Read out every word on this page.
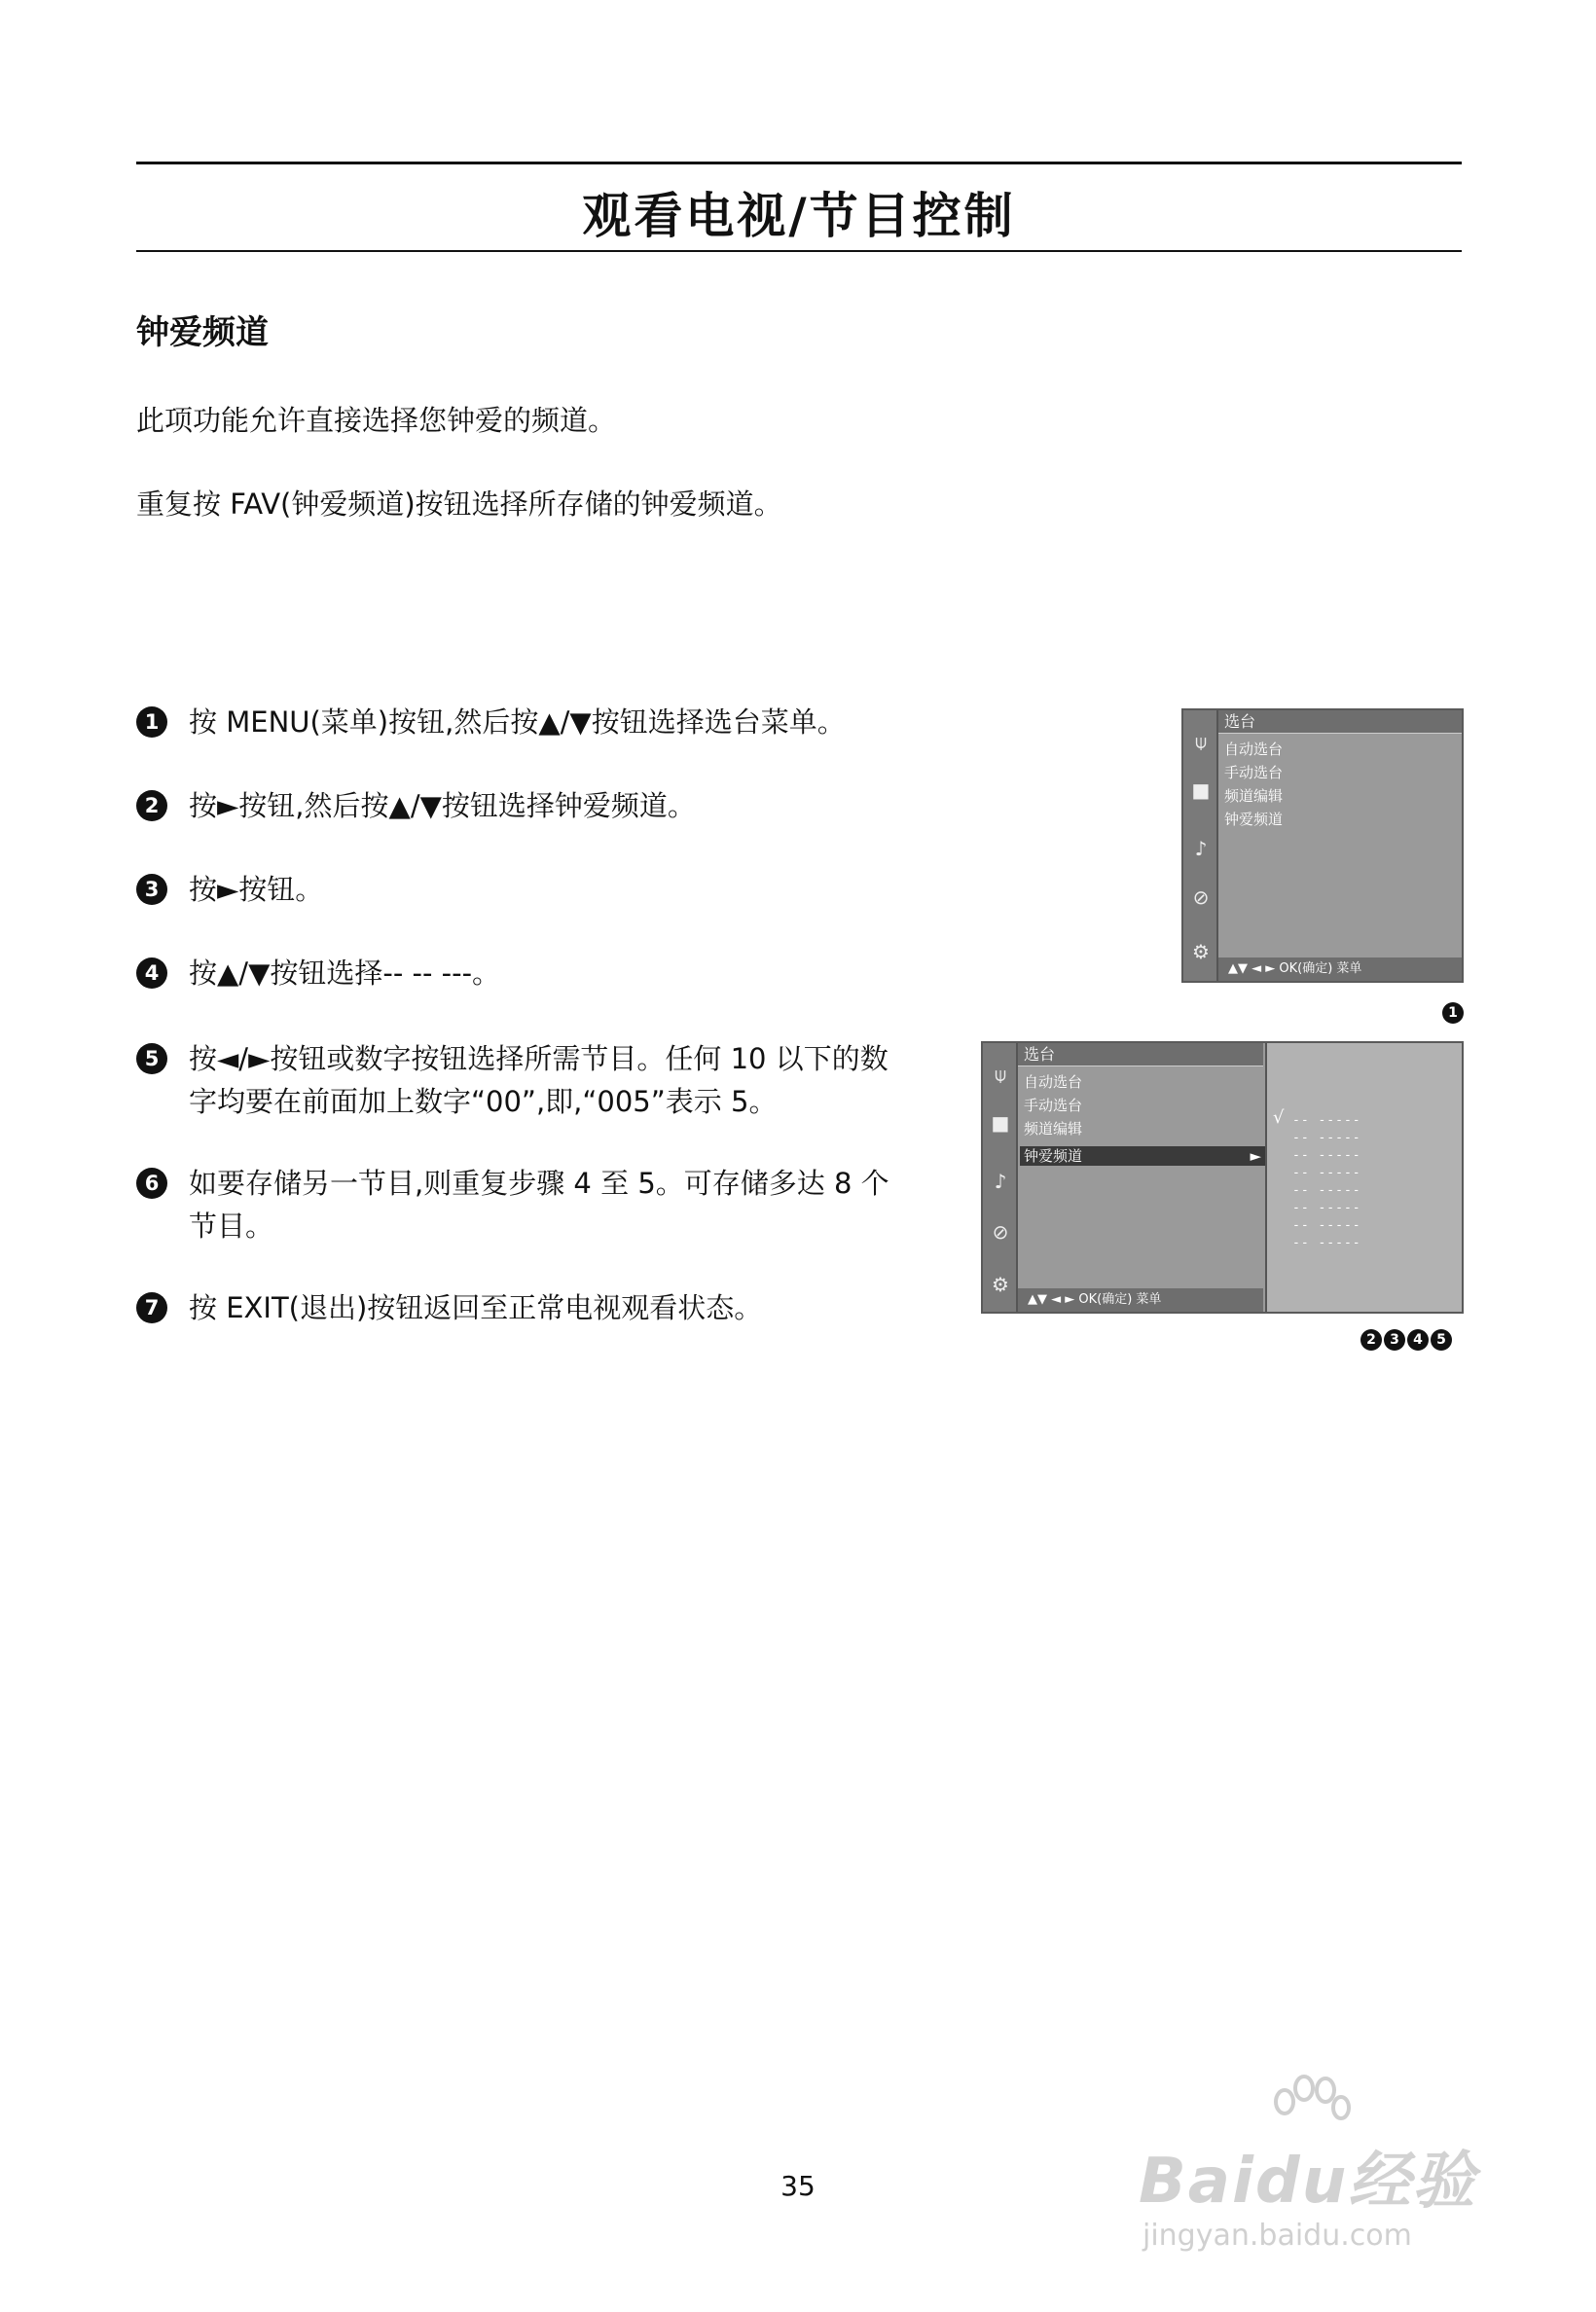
观看电视/节目控制
钟爱频道

此项功能允许直接选择您钟爱的频道。

重复按 FAV(钟爱频道)按钮选择所存储的钟爱频道。

1 按 MENU(菜单)按钮,然后按▲/▼按钮选择选台菜单。
2 按►按钮,然后按▲/▼按钮选择钟爱频道。
3 按►按钮。
4 按▲/▼按钮选择-- -- ---。
5 按◄/►按钮或数字按钮选择所需节目。任何 10 以下的数字均要在前面加上数字“00”,即,“005”表示 5。
6 如要存储另一节目,则重复步骤 4 至 5。可存储多达 8 个节目。
7 按 EXIT(退出)按钮返回至正常电视观看状态。
⍦
■
♪
⊘
⚙
选台
自动选台
手动选台
频道编辑
钟爱频道
▲▼ ◄ ► OK(确定) 菜单
1
⍦
■
♪
⊘
⚙
选台
自动选台
手动选台
频道编辑
钟爱频道	►
▲▼ ◄ ► OK(确定) 菜单
√ -- -----
-- -----
-- -----
-- -----
-- -----
-- -----
-- -----
-- -----
2	3	4	5
35	Baidu经验
jingyan.baidu.com
